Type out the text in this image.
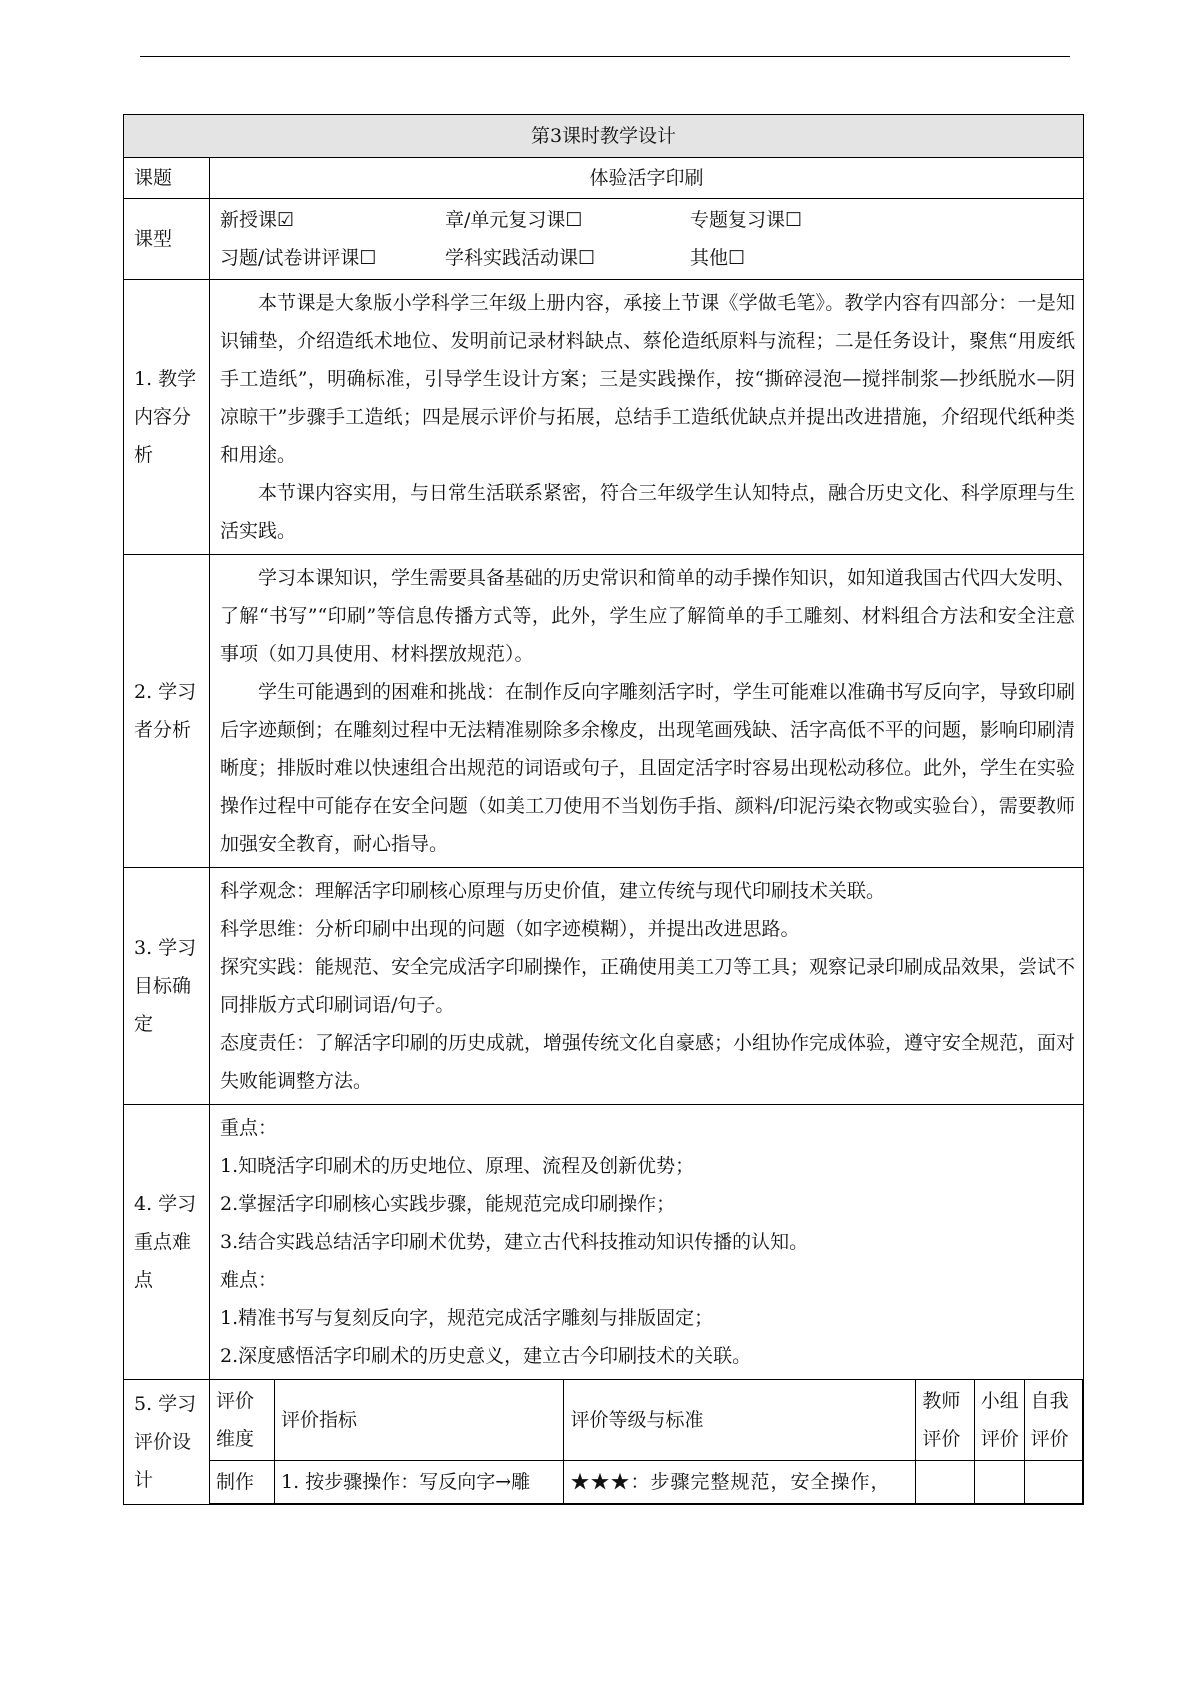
第3课时教学设计
课题	体验活字印刷
课型	
新授课☑	章/单元复习课☐	专题复习课☐
习题/试卷讲评课☐	学科实践活动课☐	其他☐

1. 教学内容分析	

本节课是大象版小学科学三年级上册内容，承接上节课《学做毛笔》。教学内容有四部分：一是知识铺垫，介绍造纸术地位、发明前记录材料缺点、蔡伦造纸原料与流程；二是任务设计，聚焦“用废纸手工造纸”，明确标准，引导学生设计方案；三是实践操作，按“撕碎浸泡—搅拌制浆—抄纸脱水—阴凉晾干”步骤手工造纸；四是展示评价与拓展，总结手工造纸优缺点并提出改进措施，介绍现代纸种类和用途。

本节课内容实用，与日常生活联系紧密，符合三年级学生认知特点，融合历史文化、科学原理与生活实践。

2. 学习者分析	

学习本课知识，学生需要具备基础的历史常识和简单的动手操作知识，如知道我国古代四大发明、了解“书写”“印刷”等信息传播方式等，此外，学生应了解简单的手工雕刻、材料组合方法和安全注意事项（如刀具使用、材料摆放规范）。

学生可能遇到的困难和挑战：在制作反向字雕刻活字时，学生可能难以准确书写反向字，导致印刷后字迹颠倒；在雕刻过程中无法精准剔除多余橡皮，出现笔画残缺、活字高低不平的问题，影响印刷清晰度；排版时难以快速组合出规范的词语或句子，且固定活字时容易出现松动移位。此外，学生在实验操作过程中可能存在安全问题（如美工刀使用不当划伤手指、颜料/印泥污染衣物或实验台），需要教师加强安全教育，耐心指导。

3. 学习目标确定	

科学观念：理解活字印刷核心原理与历史价值，建立传统与现代印刷技术关联。

科学思维：分析印刷中出现的问题（如字迹模糊），并提出改进思路。

探究实践：能规范、安全完成活字印刷操作，正确使用美工刀等工具；观察记录印刷成品效果，尝试不同排版方式印刷词语/句子。

态度责任：了解活字印刷的历史成就，增强传统文化自豪感；小组协作完成体验，遵守安全规范，面对失败能调整方法。

4. 学习重点难点	

重点：

1.知晓活字印刷术的历史地位、原理、流程及创新优势；

2.掌握活字印刷核心实践步骤，能规范完成印刷操作；

3.结合实践总结活字印刷术优势，建立古代科技推动知识传播的认知。

难点：

1.精准书写与复刻反向字，规范完成活字雕刻与排版固定；

2.深度感悟活字印刷术的历史意义，建立古今印刷技术的关联。

5. 学习评价设计	
评价维度	评价指标	评价等级与标准	教师评价	小组评价	自我评价
制作	1. 按步骤操作：写反向字→雕	★★★：步骤完整规范，安全操作，			
